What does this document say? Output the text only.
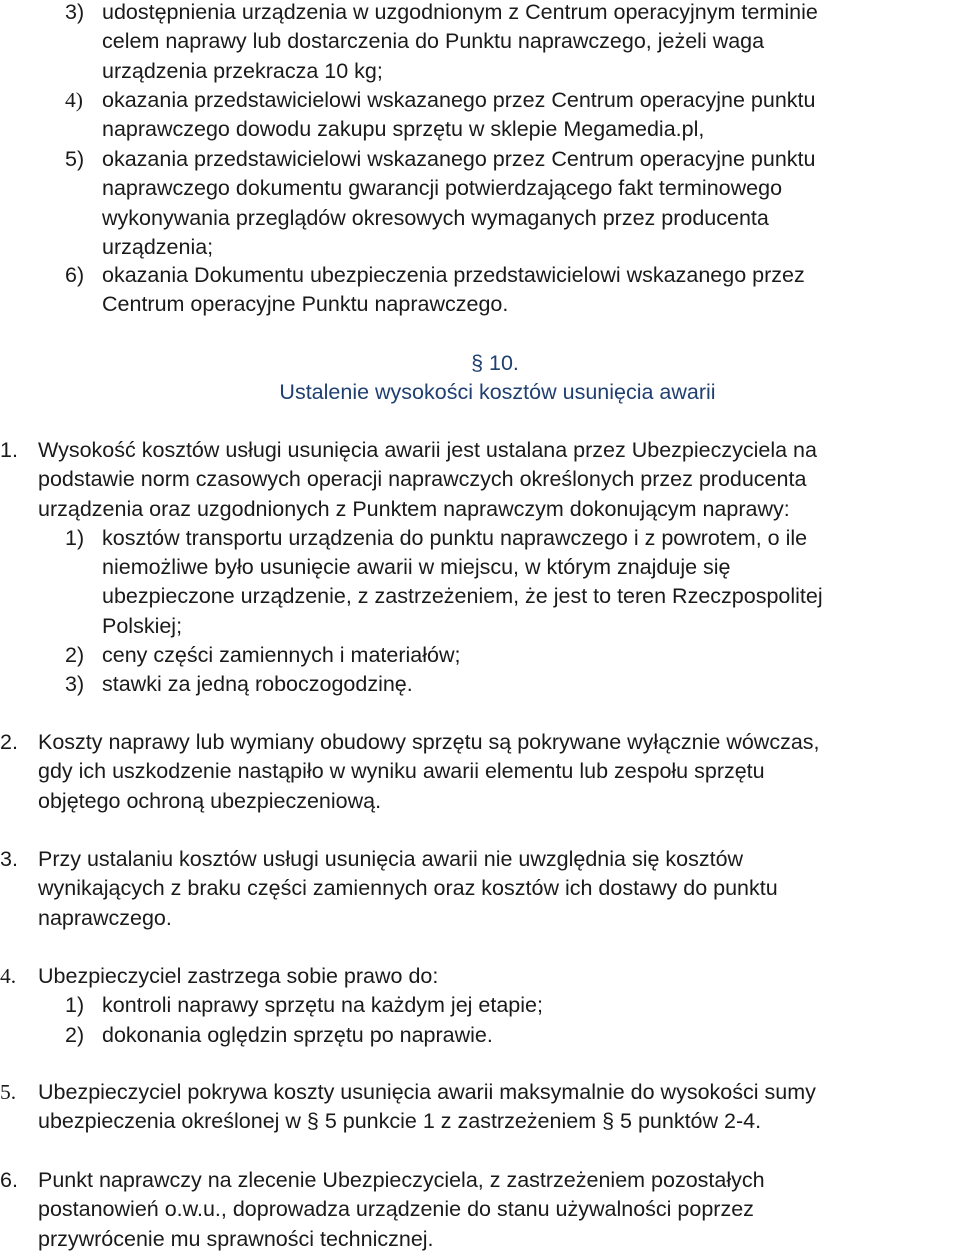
3) udostępnienia urządzenia w uzgodnionym z Centrum operacyjnym terminie
celem naprawy lub dostarczenia do Punktu naprawczego, jeżeli waga
urządzenia przekracza 10 kg;
4) okazania przedstawicielowi wskazanego przez Centrum operacyjne punktu
naprawczego dowodu zakupu sprzętu w sklepie Megamedia.pl,
5) okazania przedstawicielowi wskazanego przez Centrum operacyjne punktu
naprawczego dokumentu gwarancji potwierdzającego fakt terminowego
wykonywania przeglądów okresowych wymaganych przez producenta
urządzenia;
6) okazania Dokumentu ubezpieczenia przedstawicielowi wskazanego przez
Centrum operacyjne Punktu naprawczego.
§ 10.
Ustalenie wysokości kosztów usunięcia awarii
1. Wysokość kosztów usługi usunięcia awarii jest ustalana przez Ubezpieczyciela na
podstawie norm czasowych operacji naprawczych określonych przez producenta
urządzenia oraz uzgodnionych z Punktem naprawczym dokonującym naprawy:
1) kosztów transportu urządzenia do punktu naprawczego i z powrotem, o ile
niemożliwe było usunięcie awarii w miejscu, w którym znajduje się
ubezpieczone urządzenie, z zastrzeżeniem, że jest to teren Rzeczpospolitej
Polskiej;
2) ceny części zamiennych i materiałów;
3) stawki za jedną roboczogodzinę.
2. Koszty naprawy lub wymiany obudowy sprzętu są pokrywane wyłącznie wówczas,
gdy ich uszkodzenie nastąpiło w wyniku awarii elementu lub zespołu sprzętu
objętego ochroną ubezpieczeniową.
3. Przy ustalaniu kosztów usługi usunięcia awarii nie uwzględnia się kosztów
wynikających z braku części zamiennych oraz kosztów ich dostawy do punktu
naprawczego.
4. Ubezpieczyciel zastrzega sobie prawo do:
1) kontroli naprawy sprzętu na każdym jej etapie;
2) dokonania oględzin sprzętu po naprawie.
5. Ubezpieczyciel pokrywa koszty usunięcia awarii maksymalnie do wysokości sumy
ubezpieczenia określonej w § 5 punkcie 1 z zastrzeżeniem § 5 punktów 2-4.
6. Punkt naprawczy na zlecenie Ubezpieczyciela, z zastrzeżeniem pozostałych
postanowień o.w.u., doprowadza urządzenie do stanu używalności poprzez
przywrócenie mu sprawności technicznej.
